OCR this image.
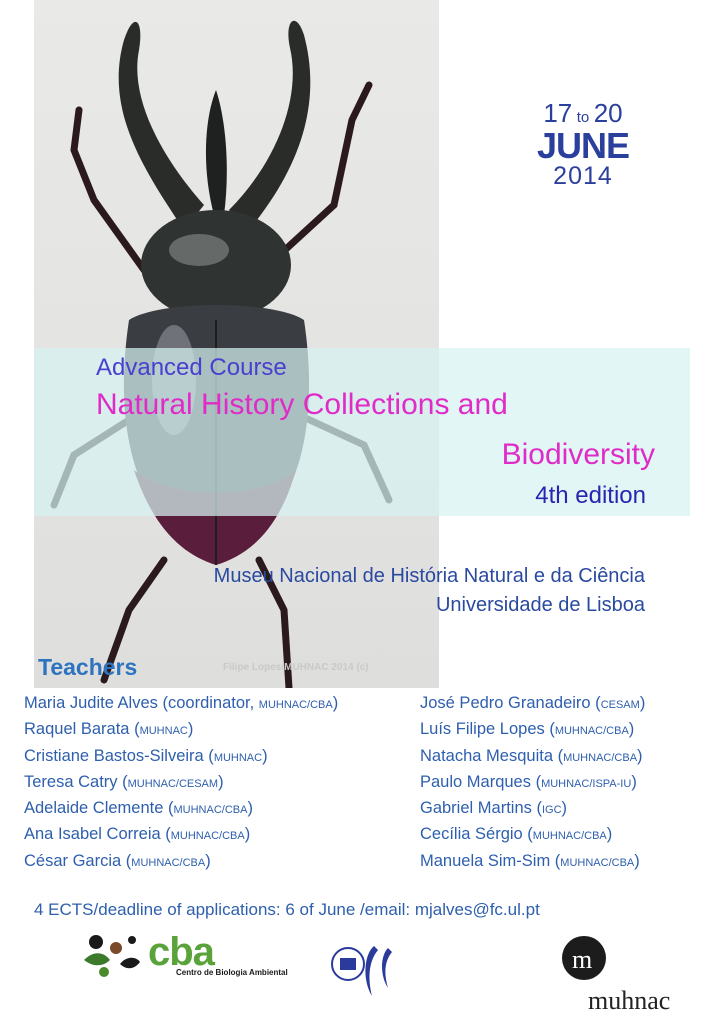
Filipe Lopes/MUHNAC 2014 (c)
17 to 20
JUNE
2014
Advanced Course
Natural History Collections and
Biodiversity
4th edition
Museu Nacional de História Natural e da Ciência
Universidade de Lisboa
Teachers
Maria Judite Alves (coordinator, MUHNAC/CBA)
Raquel Barata (MUHNAC)
Cristiane Bastos-Silveira (MUHNAC)
Teresa Catry (MUHNAC/CESAM)
Adelaide Clemente (MUHNAC/CBA)
Ana Isabel Correia (MUHNAC/CBA)
César Garcia (MUHNAC/CBA)
José Pedro Granadeiro (CESAM)
Luís Filipe Lopes (MUHNAC/CBA)
Natacha Mesquita (MUHNAC/CBA)
Paulo Marques (MUHNAC/ISPA-IU)
Gabriel Martins (IGC)
Cecília Sérgio (MUHNAC/CBA)
Manuela Sim-Sim (MUHNAC/CBA)
4 ECTS/deadline of applications: 6 of June /email: mjalves@fc.ul.pt
cba
Centro de Biologia Ambiental	m
muhnac
